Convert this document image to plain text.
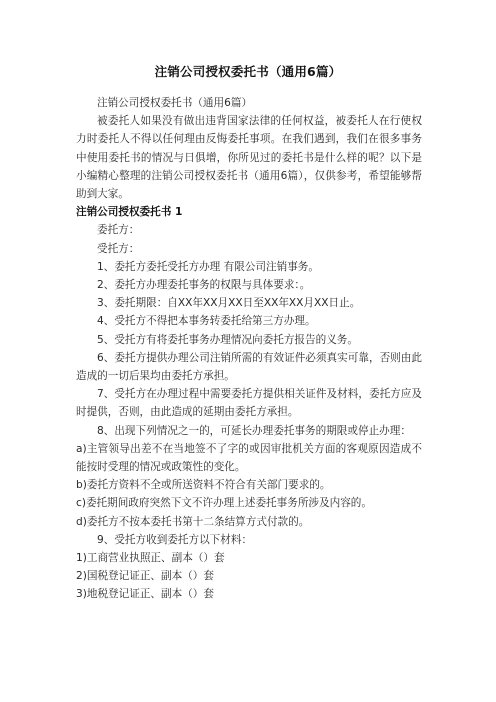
注销公司授权委托书（通用6篇）

注销公司授权委托书（通用6篇）

被委托人如果没有做出违背国家法律的任何权益，被委托人在行使权力时委托人不得以任何理由反悔委托事项。在我们遇到，我们在很多事务中使用委托书的情况与日俱增，你所见过的委托书是什么样的呢？以下是小编精心整理的注销公司授权委托书（通用6篇），仅供参考，希望能够帮助到大家。

注销公司授权委托书 1

委托方：

受托方：

1、委托方委托受托方办理 有限公司注销事务。

2、委托方办理委托事务的权限与具体要求：。

3、委托期限：自XX年XX月XX日至XX年XX月XX日止。

4、受托方不得把本事务转委托给第三方办理。

5、受托方有将委托事务办理情况向委托方报告的义务。

6、委托方提供办理公司注销所需的有效证件必须真实可靠，否则由此造成的一切后果均由委托方承担。

7、受托方在办理过程中需要委托方提供相关证件及材料，委托方应及时提供，否则，由此造成的延期由委托方承担。

8、出现下列情况之一的，可延长办理委托事务的期限或停止办理：

a)主管领导出差不在当地签不了字的或因审批机关方面的客观原因造成不能按时受理的情况或政策性的变化。

b)委托方资料不全或所送资料不符合有关部门要求的。

c)委托期间政府突然下文不许办理上述委托事务所涉及内容的。

d)委托方不按本委托书第十二条结算方式付款的。

9、受托方收到委托方以下材料：

1)工商营业执照正、副本（）套

2)国税登记证正、副本（）套

3)地税登记证正、副本（）套
